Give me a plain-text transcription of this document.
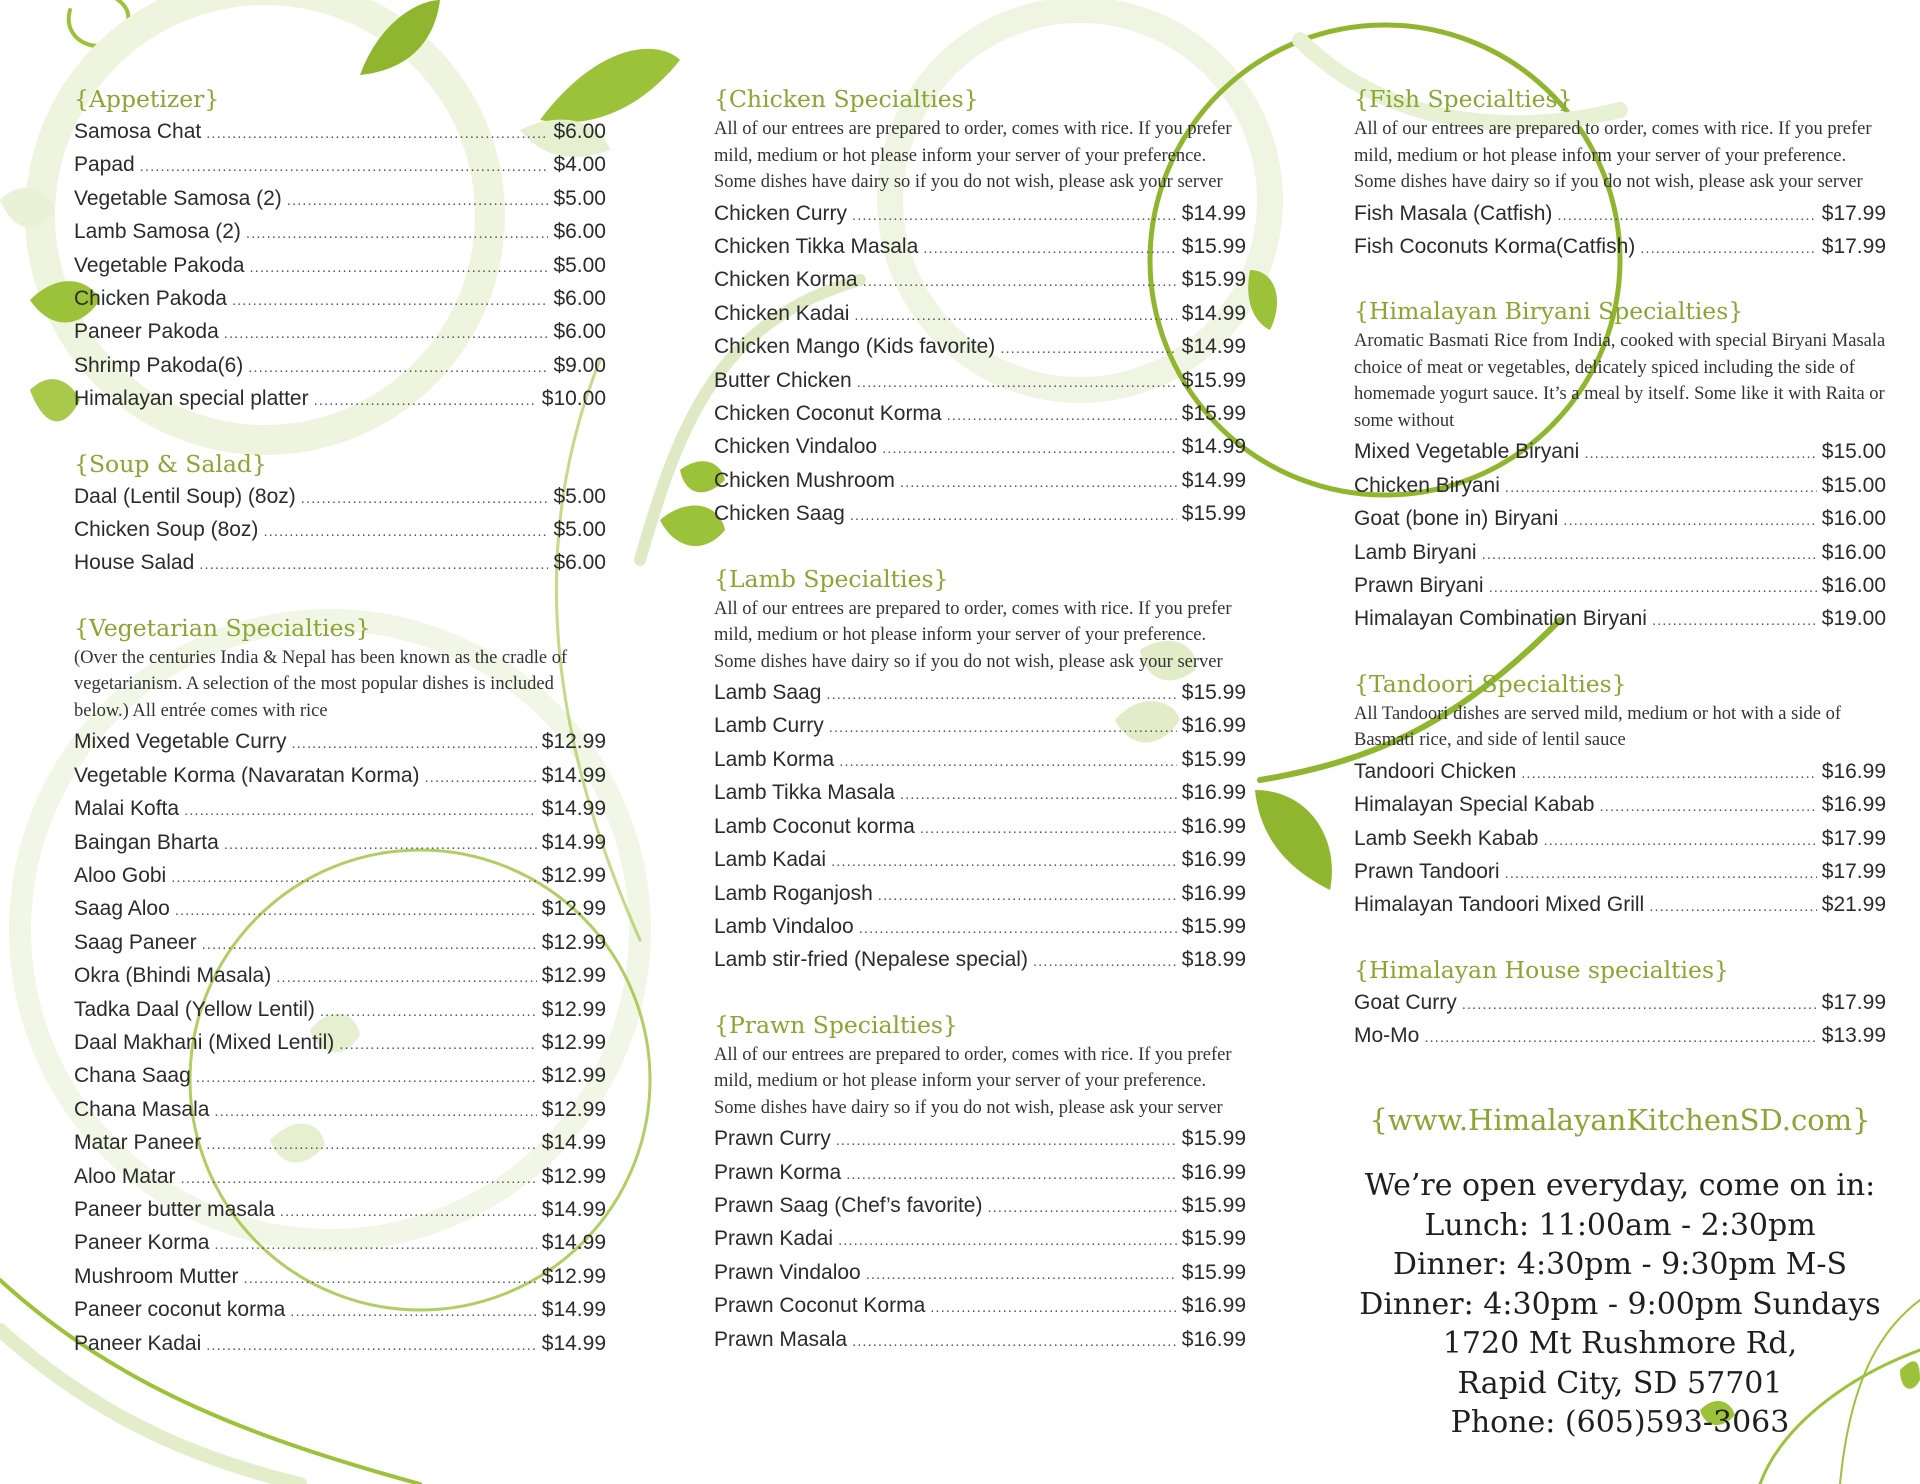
{Appetizer}
Samosa Chat .....	$6.00
Papad .....	$4.00
Vegetable Samosa (2) .....	$5.00
Lamb Samosa (2) .....	$6.00
Vegetable Pakoda .....	$5.00
Chicken Pakoda .....	$6.00
Paneer Pakoda .....	$6.00
Shrimp Pakoda(6) .....	$9.00
Himalayan special platter .....	$10.00
{Soup & Salad}
Daal (Lentil Soup) (8oz) .....	$5.00
Chicken Soup (8oz) .....	$5.00
House Salad .....	$6.00
{Vegetarian Specialties}
(Over the centuries India & Nepal has been known as the cradle of vegetarianism. A selection of the most popular dishes is included below.) All entrée comes with rice
Mixed Vegetable Curry .....	$12.99
Vegetable Korma (Navaratan Korma) .....	$14.99
Malai Kofta .....	$14.99
Baingan Bharta .....	$14.99
Aloo Gobi .....	$12.99
Saag Aloo .....	$12.99
Saag Paneer .....	$12.99
Okra (Bhindi Masala) .....	$12.99
Tadka Daal (Yellow Lentil) .....	$12.99
Daal Makhani (Mixed Lentil) .....	$12.99
Chana Saag .....	$12.99
Chana Masala .....	$12.99
Matar Paneer .....	$14.99
Aloo Matar .....	$12.99
Paneer butter masala .....	$14.99
Paneer Korma .....	$14.99
Mushroom Mutter .....	$12.99
Paneer coconut korma .....	$14.99
Paneer Kadai .....	$14.99
{Chicken Specialties}
All of our entrees are prepared to order, comes with rice. If you prefer mild, medium or hot please inform your server of your preference. Some dishes have dairy so if you do not wish, please ask your server
Chicken Curry .....	$14.99
Chicken Tikka Masala .....	$15.99
Chicken Korma .....	$15.99
Chicken Kadai .....	$14.99
Chicken Mango (Kids favorite) .....	$14.99
Butter Chicken .....	$15.99
Chicken Coconut Korma .....	$15.99
Chicken Vindaloo .....	$14.99
Chicken Mushroom .....	$14.99
Chicken Saag .....	$15.99
{Lamb Specialties}
All of our entrees are prepared to order, comes with rice. If you prefer mild, medium or hot please inform your server of your preference. Some dishes have dairy so if you do not wish, please ask your server
Lamb Saag .....	$15.99
Lamb Curry .....	$16.99
Lamb Korma .....	$15.99
Lamb Tikka Masala .....	$16.99
Lamb Coconut korma .....	$16.99
Lamb Kadai .....	$16.99
Lamb Roganjosh .....	$16.99
Lamb Vindaloo .....	$15.99
Lamb stir-fried (Nepalese special) .....	$18.99
{Prawn Specialties}
All of our entrees are prepared to order, comes with rice. If you prefer mild, medium or hot please inform your server of your preference. Some dishes have dairy so if you do not wish, please ask your server
Prawn Curry .....	$15.99
Prawn Korma .....	$16.99
Prawn Saag (Chef’s favorite) .....	$15.99
Prawn Kadai .....	$15.99
Prawn Vindaloo .....	$15.99
Prawn Coconut Korma .....	$16.99
Prawn Masala .....	$16.99
{Fish Specialties}
All of our entrees are prepared to order, comes with rice. If you prefer mild, medium or hot please inform your server of your preference. Some dishes have dairy so if you do not wish, please ask your server
Fish Masala (Catfish) .....	$17.99
Fish Coconuts Korma(Catfish) .....	$17.99
{Himalayan Biryani Specialties}
Aromatic Basmati Rice from India, cooked with special Biryani Masala choice of meat or vegetables, delicately spiced including the side of homemade yogurt sauce. It’s a meal by itself. Some like it with Raita or some without
Mixed Vegetable Biryani .....	$15.00
Chicken Biryani .....	$15.00
Goat (bone in) Biryani .....	$16.00
Lamb Biryani .....	$16.00
Prawn Biryani .....	$16.00
Himalayan Combination Biryani .....	$19.00
{Tandoori Specialties}
All Tandoori dishes are served mild, medium or hot with a side of Basmati rice, and side of lentil sauce
Tandoori Chicken .....	$16.99
Himalayan Special Kabab .....	$16.99
Lamb Seekh Kabab .....	$17.99
Prawn Tandoori .....	$17.99
Himalayan Tandoori Mixed Grill .....	$21.99
{Himalayan House specialties}
Goat Curry .....	$17.99
Mo-Mo .....	$13.99
{www.HimalayanKitchenSD.com}
We’re open everyday, come on in:
Lunch: 11:00am - 2:30pm
Dinner: 4:30pm - 9:30pm M-S
Dinner: 4:30pm - 9:00pm Sundays
1720 Mt Rushmore Rd,
Rapid City, SD 57701
Phone: (605)593-3063
